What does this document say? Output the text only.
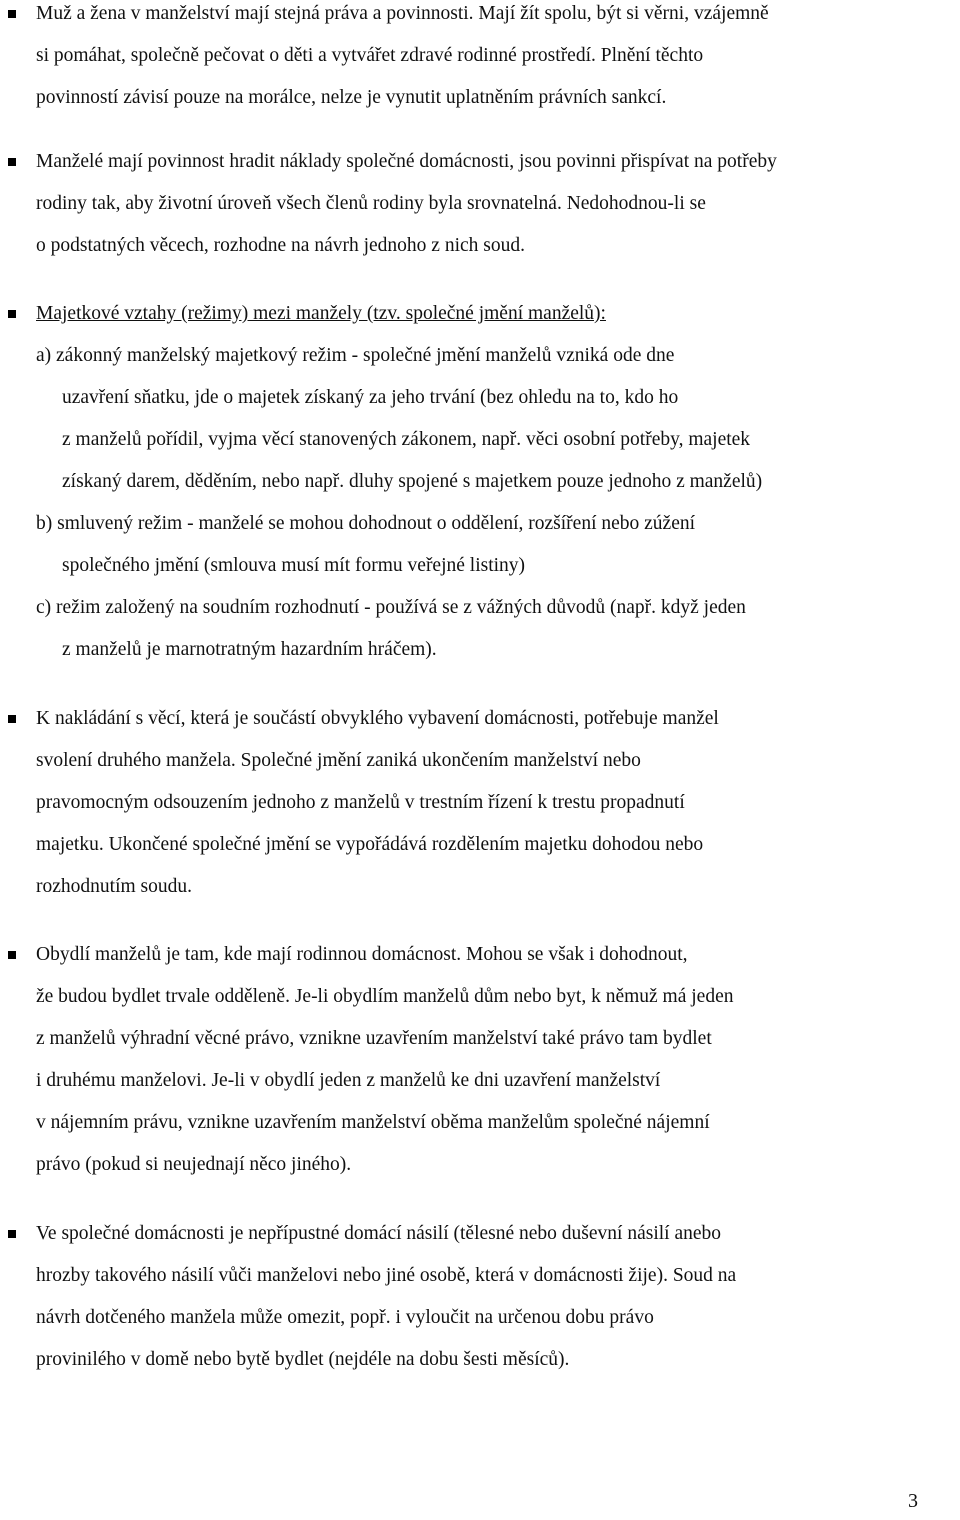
Muž a žena v manželství mají stejná práva a povinnosti. Mají žít spolu, být si věrni, vzájemně
si pomáhat, společně pečovat o děti a vytvářet zdravé rodinné prostředí. Plnění těchto
povinností závisí pouze na morálce, nelze je vynutit uplatněním právních sankcí.
Manželé mají povinnost hradit náklady společné domácnosti, jsou povinni přispívat na potřeby
rodiny tak, aby životní úroveň všech členů rodiny byla srovnatelná. Nedohodnou-li se
o podstatných věcech, rozhodne na návrh jednoho z nich soud.
Majetkové vztahy (režimy) mezi manžely (tzv. společné jmění manželů):
a) zákonný manželský majetkový režim - společné jmění manželů vzniká ode dne
uzavření sňatku, jde o majetek získaný za jeho trvání (bez ohledu na to, kdo ho
z manželů pořídil, vyjma věcí stanovených zákonem, např. věci osobní potřeby, majetek
získaný darem, děděním, nebo např. dluhy spojené s majetkem pouze jednoho z manželů)
b) smluvený režim - manželé se mohou dohodnout o oddělení, rozšíření nebo zúžení
společného jmění (smlouva musí mít formu veřejné listiny)
c) režim založený na soudním rozhodnutí - používá se z vážných důvodů (např. když jeden
z manželů je marnotratným hazardním hráčem).
K nakládání s věcí, která je součástí obvyklého vybavení domácnosti, potřebuje manžel
svolení druhého manžela. Společné jmění zaniká ukončením manželství nebo
pravomocným odsouzením jednoho z manželů v trestním řízení k trestu propadnutí
majetku. Ukončené společné jmění se vypořádává rozdělením majetku dohodou nebo
rozhodnutím soudu.
Obydlí manželů je tam, kde mají rodinnou domácnost. Mohou se však i dohodnout,
že budou bydlet trvale odděleně. Je-li obydlím manželů dům nebo byt, k němuž má jeden
z manželů výhradní věcné právo, vznikne uzavřením manželství také právo tam bydlet
i druhému manželovi. Je-li v obydlí jeden z manželů ke dni uzavření manželství
v nájemním právu, vznikne uzavřením manželství oběma manželům společné nájemní
právo (pokud si neujednají něco jiného).
Ve společné domácnosti je nepřípustné domácí násilí (tělesné nebo duševní násilí anebo
hrozby takového násilí vůči manželovi nebo jiné osobě, která v domácnosti žije). Soud na
návrh dotčeného manžela může omezit, popř. i vyloučit na určenou dobu právo
provinilého v domě nebo bytě bydlet (nejdéle na dobu šesti měsíců).
3
